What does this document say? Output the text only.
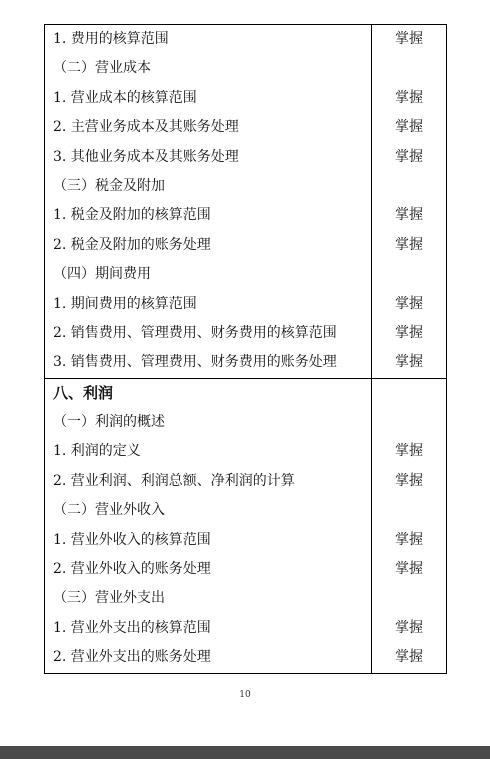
1. 费用的核算范围	掌握

（二）营业成本	

1. 营业成本的核算范围	掌握

2. 主营业务成本及其账务处理	掌握

3. 其他业务成本及其账务处理	掌握

（三）税金及附加	

1. 税金及附加的核算范围	掌握

2. 税金及附加的账务处理	掌握

（四）期间费用	

1. 期间费用的核算范围	掌握

2. 销售费用、管理费用、财务费用的核算范围	掌握

3. 销售费用、管理费用、财务费用的账务处理	掌握

八、利润	

（一）利润的概述	

1. 利润的定义	掌握

2. 营业利润、利润总额、净利润的计算	掌握

（二）营业外收入	

1. 营业外收入的核算范围	掌握

2. 营业外收入的账务处理	掌握

（三）营业外支出	

1. 营业外支出的核算范围	掌握

2. 营业外支出的账务处理	掌握
10
